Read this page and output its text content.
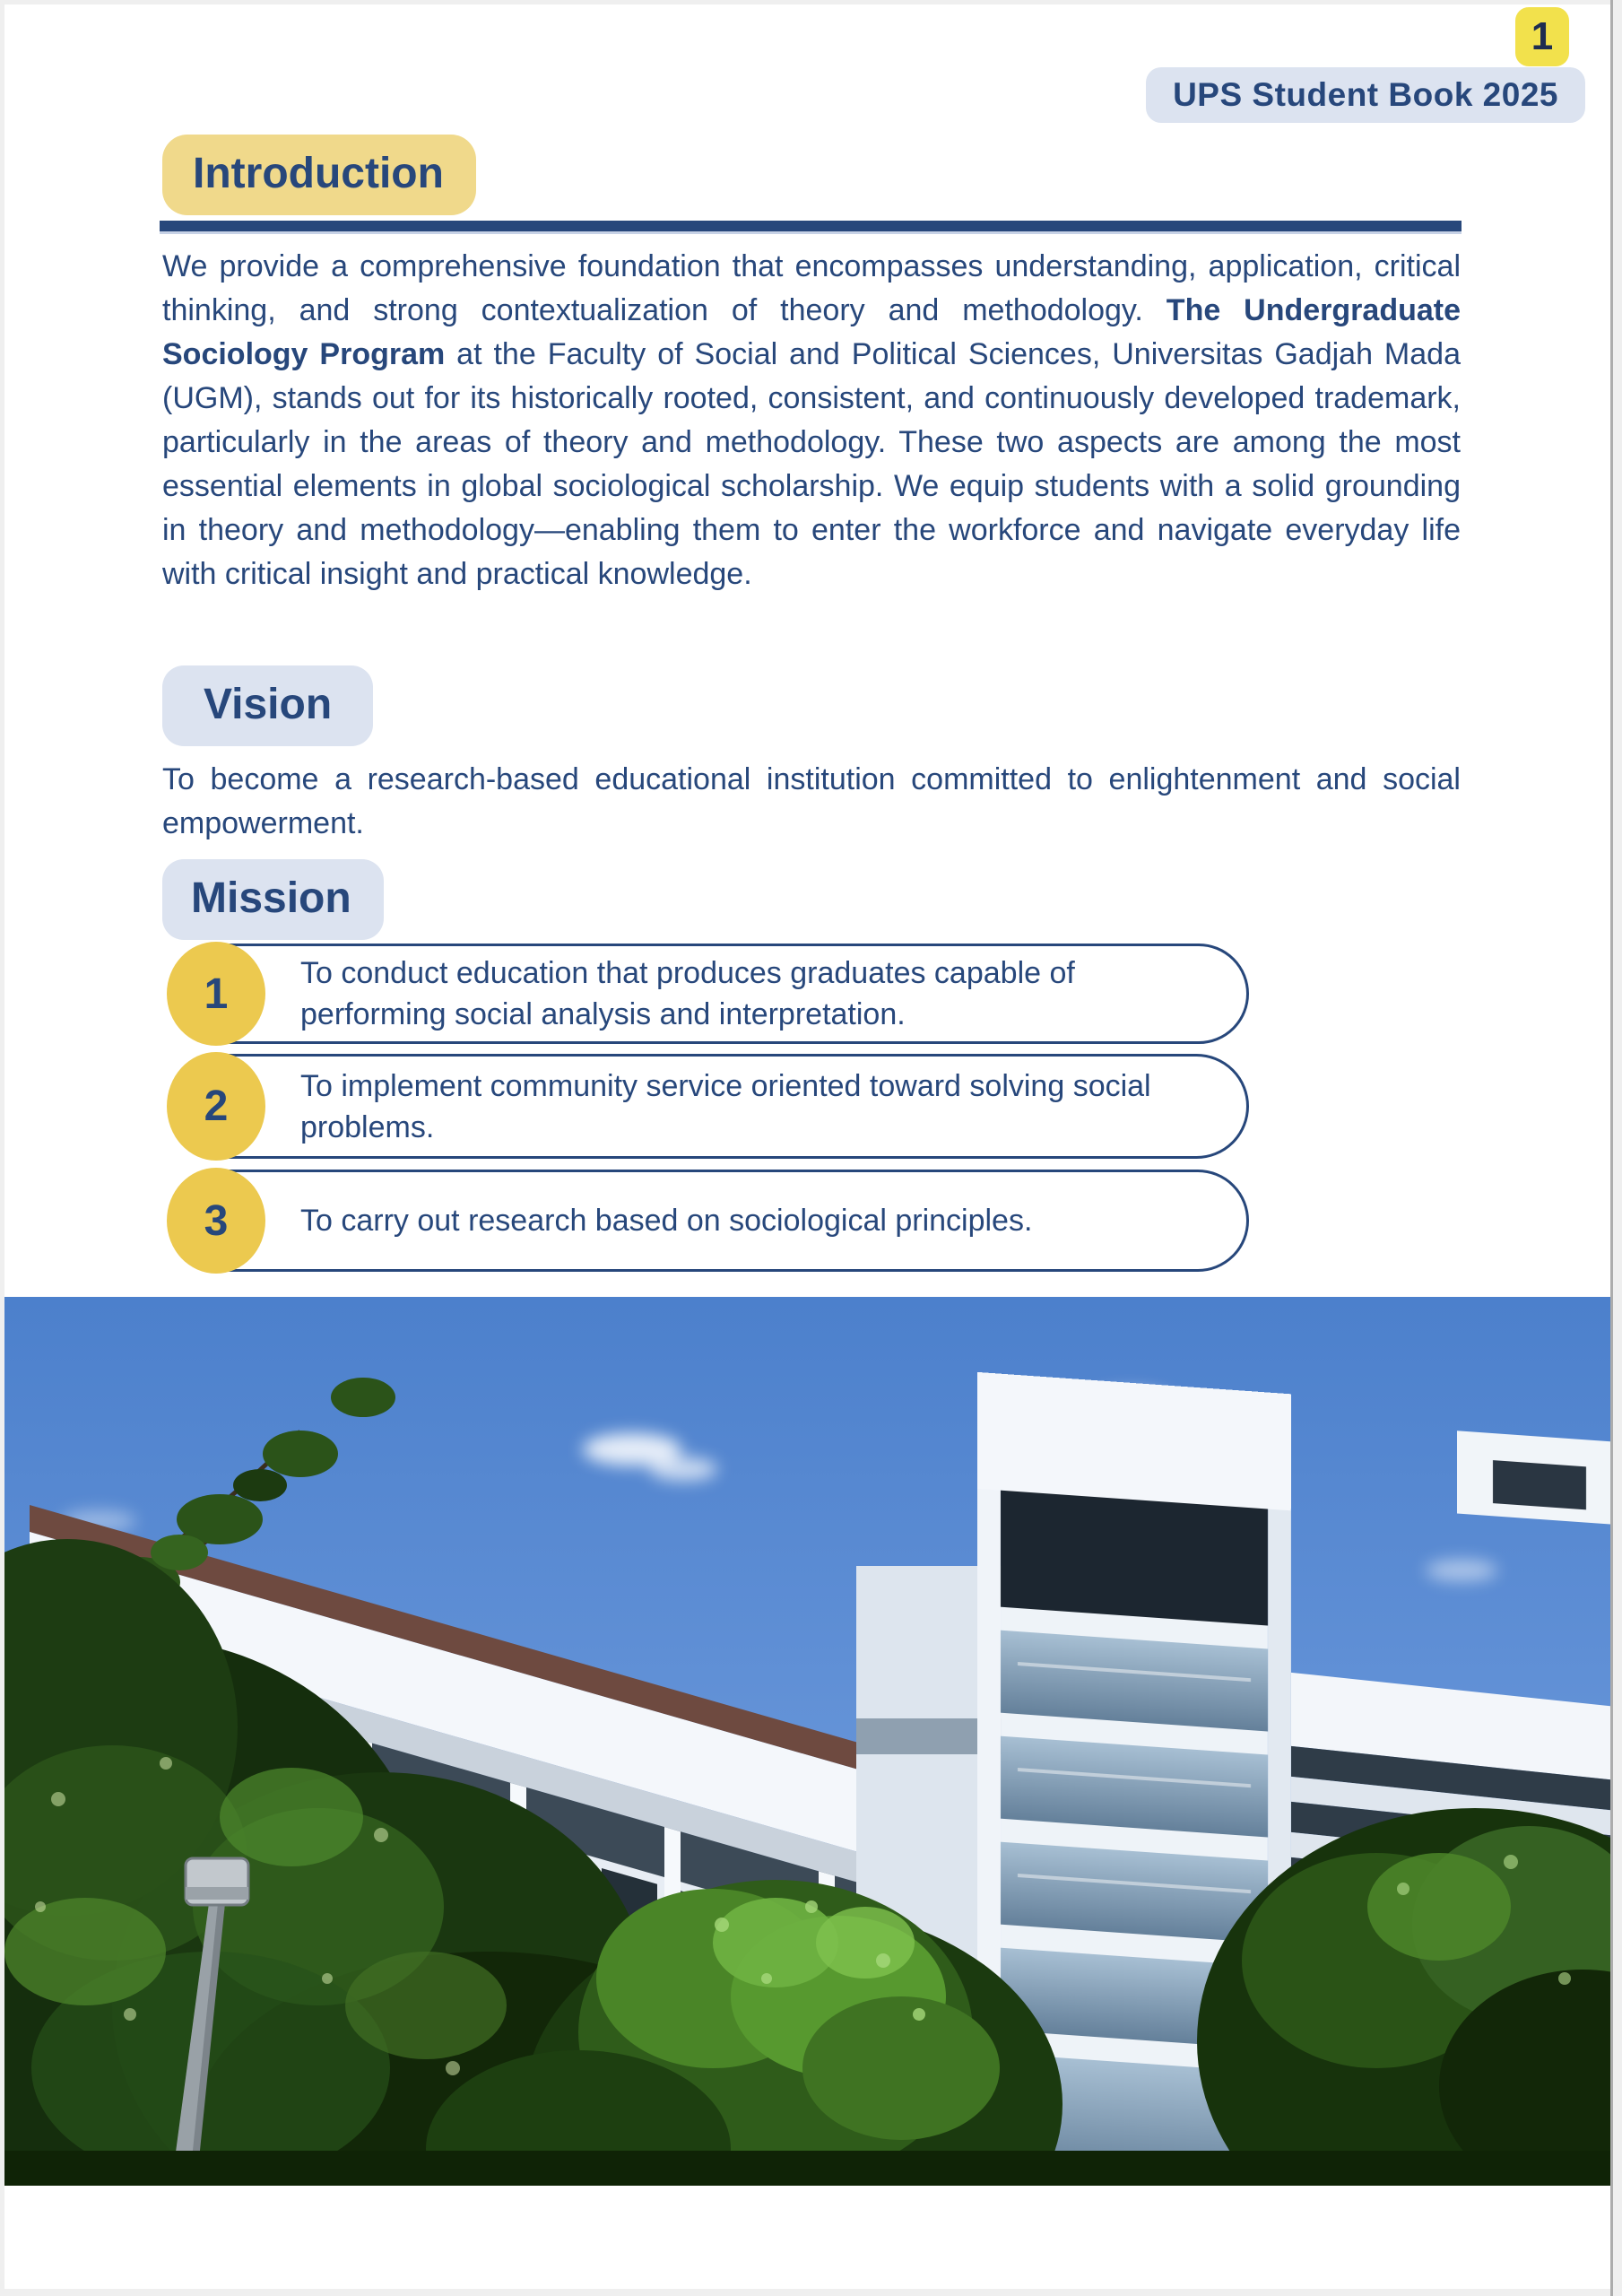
1
UPS Student Book 2025
Introduction

We provide a comprehensive foundation that encompasses understanding, application, critical thinking, and strong contextualization of theory and methodology. The Undergraduate Sociology Program at the Faculty of Social and Political Sciences, Universitas Gadjah Mada (UGM), stands out for its historically rooted, consistent, and continuously developed trademark, particularly in the areas of theory and methodology. These two aspects are among the most essential elements in global sociological scholarship. We equip students with a solid grounding in theory and methodology—enabling them to enter the workforce and navigate everyday life with critical insight and practical knowledge.

Vision

To become a research-based educational institution committed to enlightenment and social empowerment.

Mission

To conduct education that produces graduates capable of performing social analysis and interpretation.

1

To implement community service oriented toward solving social problems.

2

To carry out research based on sociological principles.

3
